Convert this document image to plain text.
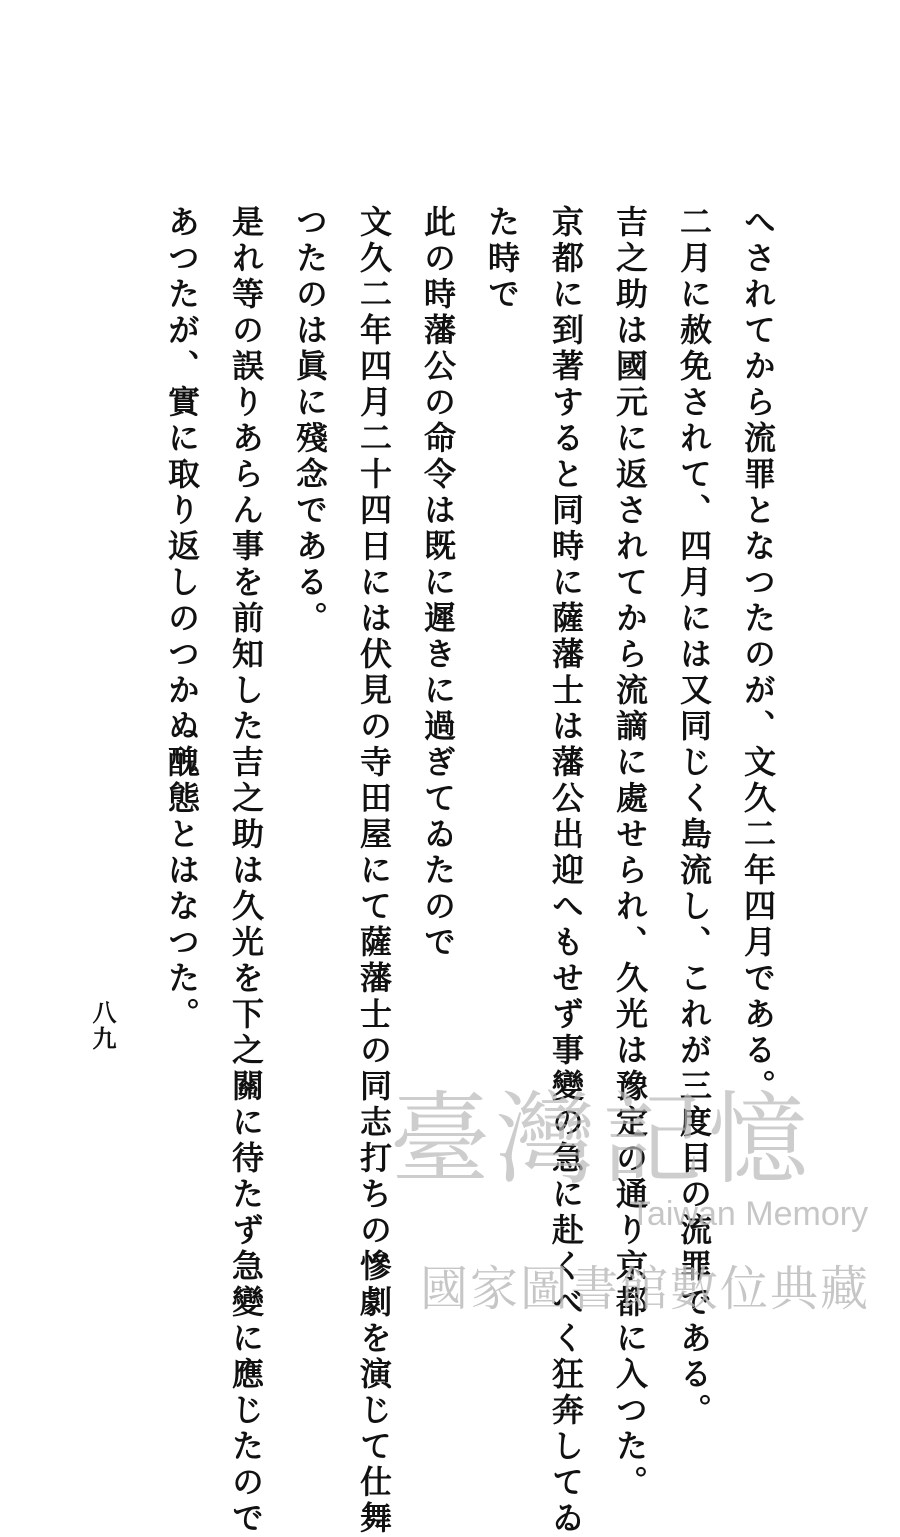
へされてから流罪となつたのが、文久二年四月である。
二月に赦免されて、四月には又同じく島流し、これが三度目の流罪である。
吉之助は國元に返されてから流謫に處せられ、久光は豫定の通り京都に入つた。
京都に到著すると同時に薩藩士は藩公出迎へもせず事變の急に赴くべく狂奔してゐ
た時で
此の時藩公の命令は既に遲きに過ぎてゐたので
文久二年四月二十四日には伏見の寺田屋にて薩藩士の同志打ちの慘劇を演じて仕舞
つたのは眞に殘念である。
是れ等の誤りあらん事を前知した吉之助は久光を下之關に待たず急變に應じたので
あつたが、實に取り返しのつかぬ醜態とはなつた。
八九
臺灣記憶
Taiwan Memory
國家圖書館數位典藏
